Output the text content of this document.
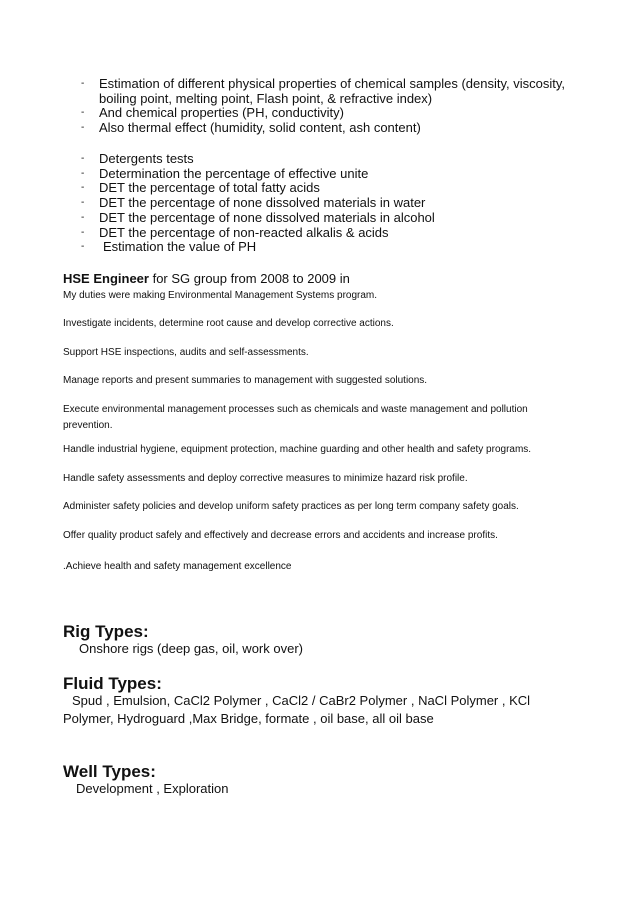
- Estimation of different physical properties of chemical samples (density, viscosity, boiling point, melting point, Flash point, & refractive index)
- And chemical properties (PH, conductivity)
- Also thermal effect (humidity, solid content, ash content)
- Detergents tests
- Determination the percentage of effective unite
- DET the percentage of total fatty acids
- DET the percentage of none dissolved materials in water
- DET the percentage of none dissolved materials in alcohol
- DET the percentage of non-reacted alkalis & acids
- Estimation the value of PH
HSE Engineer for SG group from 2008 to 2009 in

My duties were making Environmental Management Systems program.

Investigate incidents, determine root cause and develop corrective actions.

Support HSE inspections, audits and self-assessments.

Manage reports and present summaries to management with suggested solutions.

Execute environmental management processes such as chemicals and waste management and pollution prevention.

Handle industrial hygiene, equipment protection, machine guarding and other health and safety programs.

Handle safety assessments and deploy corrective measures to minimize hazard risk profile.

Administer safety policies and develop uniform safety practices as per long term company safety goals.

Offer quality product safely and effectively and decrease errors and accidents and increase profits.

.Achieve health and safety management excellence

Rig Types:

Onshore rigs (deep gas, oil, work over)

Fluid Types:

Spud , Emulsion, CaCl2 Polymer , CaCl2 / CaBr2 Polymer , NaCl Polymer , KCl Polymer, Hydroguard ,Max Bridge, formate , oil base, all oil base

Well Types:

Development , Exploration
